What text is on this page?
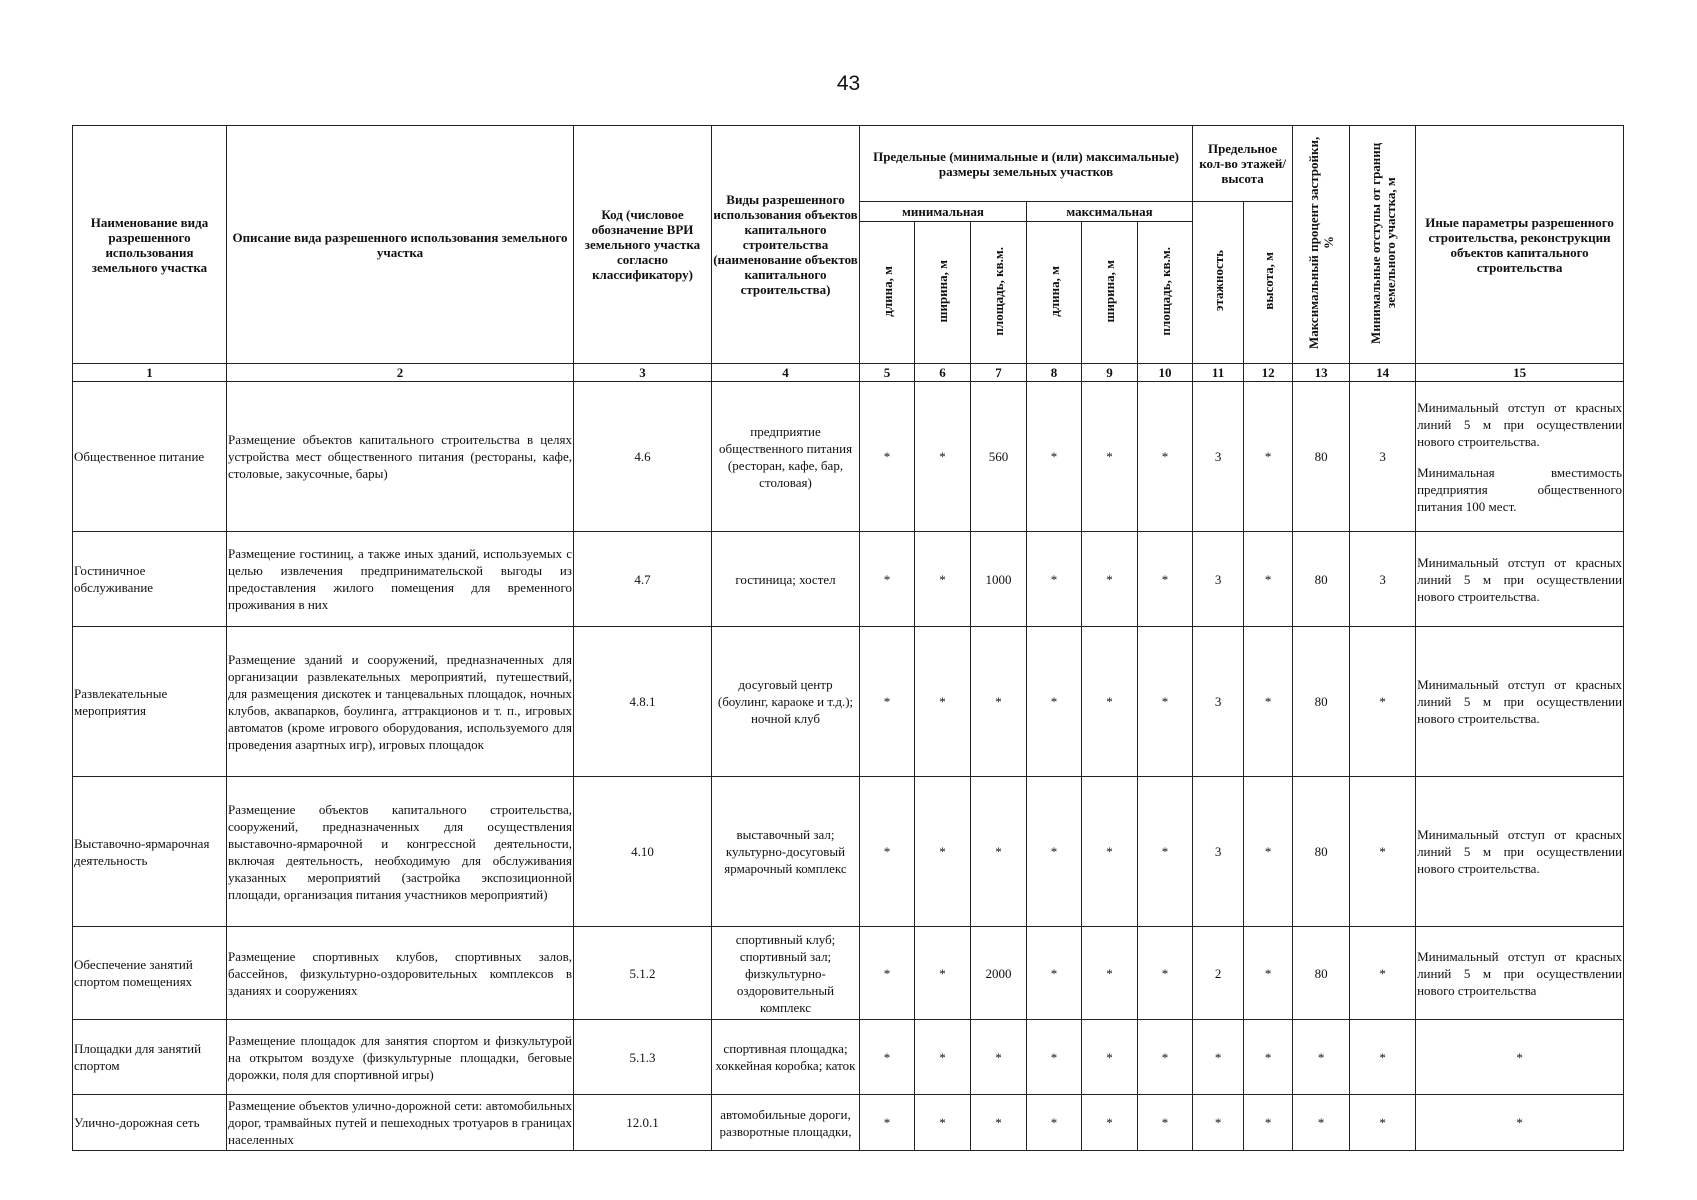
43
Наименование вида разрешенного использования земельного участка	Описание вида разрешенного использования земельного участка	Код (числовое обозначение ВРИ земельного участка согласно классификатору)	Виды разрешенного использования объектов капитального строительства (наименование объектов капитального строительства)	Предельные (минимальные и (или) максимальные) размеры земельных участков						Предельное кол-во этажей/ высота		Максимальный процент застройки, %	Минимальные отступы от границ земельного участка, м	Иные параметры разрешенного строительства, реконструкции объектов капитального строительства
				минимальная			максимальная			этажность	высота, м			
				длина, м	ширина, м	площадь, кв.м.	длина, м	ширина, м	площадь, кв.м.					
1	2	3	4	5	6	7	8	9	10	11	12	13	14	15
Общественное питание	Размещение объектов капитального строительства в целях устройства мест общественного питания (рестораны, кафе, столовые, закусочные, бары)	4.6	предприятие общественного питания (ресторан, кафе, бар, столовая)	*	*	560	*	*	*	3	*	80	3	Минимальный отступ от красных линий 5 м при осуществлении нового строительства.

Минимальная вместимость предприятия общественного питания 100 мест.

Гостиничное обслуживание	Размещение гостиниц, а также иных зданий, используемых с целью извлечения предпринимательской выгоды из предоставления жилого помещения для временного проживания в них	4.7	гостиница; хостел	*	*	1000	*	*	*	3	*	80	3	Минимальный отступ от красных линий 5 м при осуществлении нового строительства.

Развлекательные мероприятия	Размещение зданий и сооружений, предназначенных для организации развлекательных мероприятий, путешествий, для размещения дискотек и танцевальных площадок, ночных клубов, аквапарков, боулинга, аттракционов и т. п., игровых автоматов (кроме игрового оборудования, используемого для проведения азартных игр), игровых площадок	4.8.1	досуговый центр (боулинг, караоке и т.д.); ночной клуб	*	*	*	*	*	*	3	*	80	*	Минимальный отступ от красных линий 5 м при осуществлении нового строительства.

Выставочно-ярмарочная деятельность	Размещение объектов капитального строительства, сооружений, предназначенных для осуществления выставочно-ярмарочной и конгрессной деятельности, включая деятельность, необходимую для обслуживания указанных мероприятий (застройка экспозиционной площади, организация питания участников мероприятий)	4.10	выставочный зал; культурно-досуговый ярмарочный комплекс	*	*	*	*	*	*	3	*	80	*	Минимальный отступ от красных линий 5 м при осуществлении нового строительства.

Обеспечение занятий спортом помещениях	Размещение спортивных клубов, спортивных залов, бассейнов, физкультурно-оздоровительных комплексов в зданиях и сооружениях	5.1.2	спортивный клуб; спортивный зал; физкультурно-оздоровительный комплекс	*	*	2000	*	*	*	2	*	80	*	Минимальный отступ от красных линий 5 м при осуществлении нового строительства

Площадки для занятий спортом	Размещение площадок для занятия спортом и физкультурой на открытом воздухе (физкультурные площадки, беговые дорожки, поля для спортивной игры)	5.1.3	спортивная площадка; хоккейная коробка; каток	*	*	*	*	*	*	*	*	*	*	*
Улично-дорожная сеть	Размещение объектов улично-дорожной сети: автомобильных дорог, трамвайных путей и пешеходных тротуаров в границах населенных	12.0.1	автомобильные дороги, разворотные площадки,	*	*	*	*	*	*	*	*	*	*	*
